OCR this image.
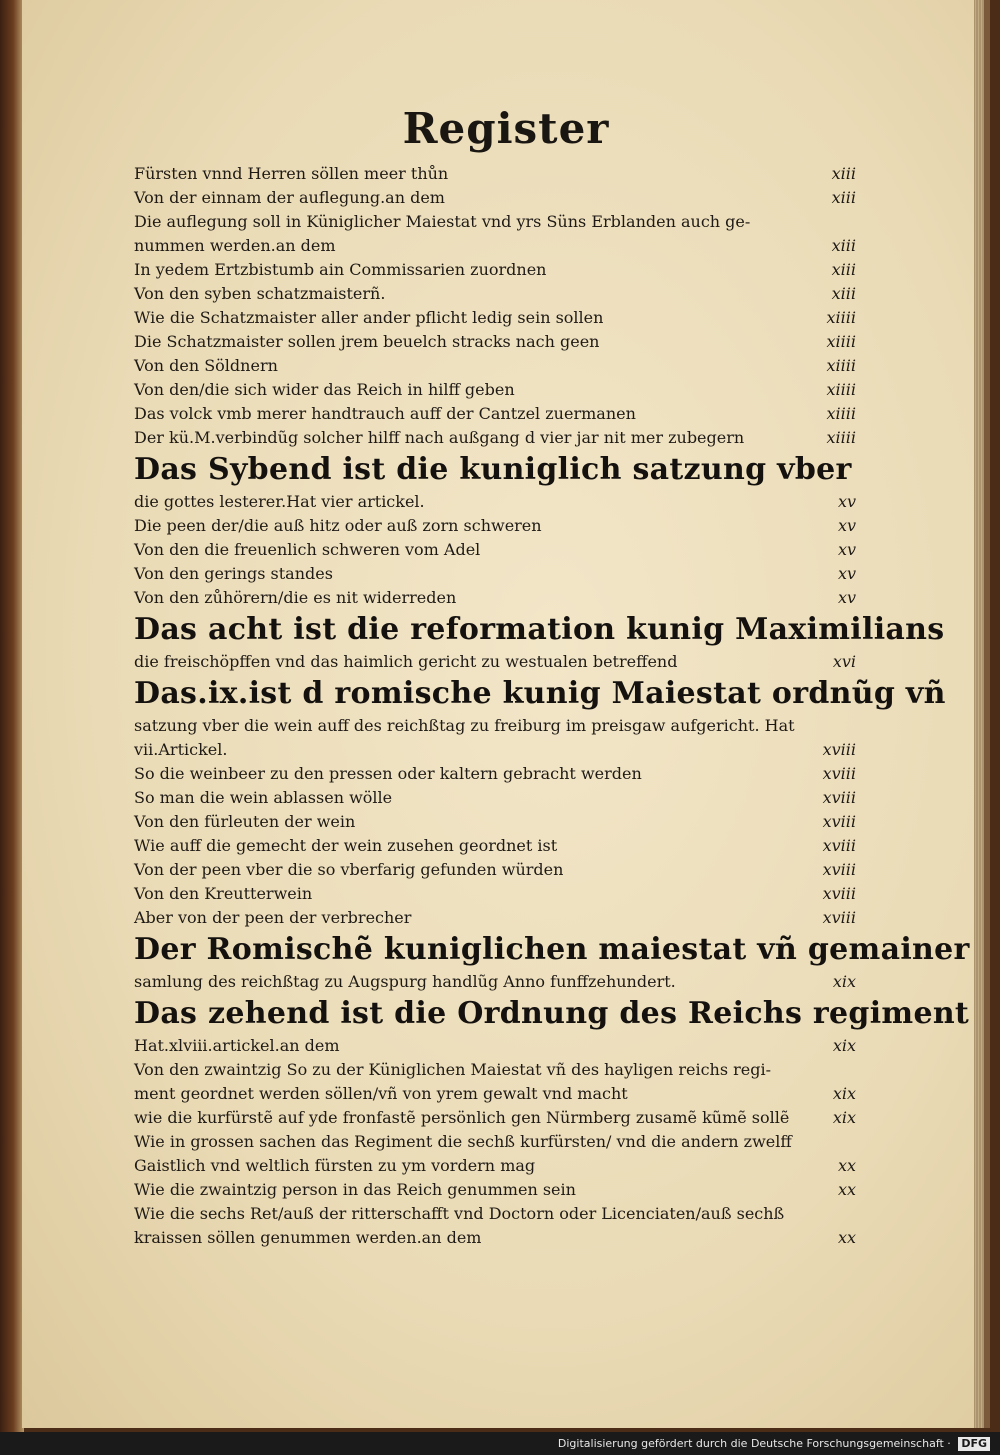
Register
Fürsten vnnd Herren söllen meer thůn	xiii
Von der einnam der auflegung.an dem	xiii
Die auflegung soll in Küniglicher Maiestat vnd yrs Süns Erblanden auch ge-
nummen werden.an dem	xiii
In yedem Ertzbistumb ain Commissarien zuordnen	xiii
Von den syben schatzmaisterñ.	xiii
Wie die Schatzmaister aller ander pflicht ledig sein sollen	xiiii
Die Schatzmaister sollen jrem beuelch stracks nach geen	xiiii
Von den Söldnern	xiiii
Von den/die sich wider das Reich in hilff geben	xiiii
Das volck vmb merer handtrauch auff der Cantzel zuermanen	xiiii
Der kü.M.verbindũg solcher hilff nach außgang d vier jar nit mer zubegern	xiiii
Das Sybend ist die kuniglich satzung vber
die gottes lesterer.Hat vier artickel.	xv
Die peen der/die auß hitz oder auß zorn schweren	xv
Von den die freuenlich schweren vom Adel	xv
Von den gerings standes	xv
Von den zůhörern/die es nit widerreden	xv
Das acht ist die reformation kunig Maximilians
die freischöpffen vnd das haimlich gericht zu westualen betreffend	xvi
Das.ix.ist d romische kunig Maiestat ordnũg vñ
satzung vber die wein auff des reichßtag zu freiburg im preisgaw aufgericht. Hat
vii.Artickel.	xviii
So die weinbeer zu den pressen oder kaltern gebracht werden	xviii
So man die wein ablassen wölle	xviii
Von den fürleuten der wein	xviii
Wie auff die gemecht der wein zusehen geordnet ist	xviii
Von der peen vber die so vberfarig gefunden würden	xviii
Von den Kreutterwein	xviii
Aber von der peen der verbrecher	xviii
Der Romischẽ kuniglichen maiestat vñ gemainer
samlung des reichßtag zu Augspurg handlũg Anno funffzehundert.	xix
Das zehend ist die Ordnung des Reichs regiment
Hat.xlviii.artickel.an dem	xix
Von den zwaintzig So zu der Küniglichen Maiestat vñ des hayligen reichs regi-
ment geordnet werden söllen/vñ von yrem gewalt vnd macht	xix
wie die kurfürstẽ auf yde fronfastẽ persönlich gen Nürmberg zusamẽ kũmẽ sollẽ	xix
Wie in grossen sachen das Regiment die sechß kurfürsten/ vnd die andern zwelff
Gaistlich vnd weltlich fürsten zu ym vordern mag	xx
Wie die zwaintzig person in das Reich genummen sein	xx
Wie die sechs Ret/auß der ritterschafft vnd Doctorn oder Licenciaten/auß sechß
kraissen söllen genummen werden.an dem	xx
Digitalisierung gefördert durch die Deutsche Forschungsgemeinschaft · DFG
